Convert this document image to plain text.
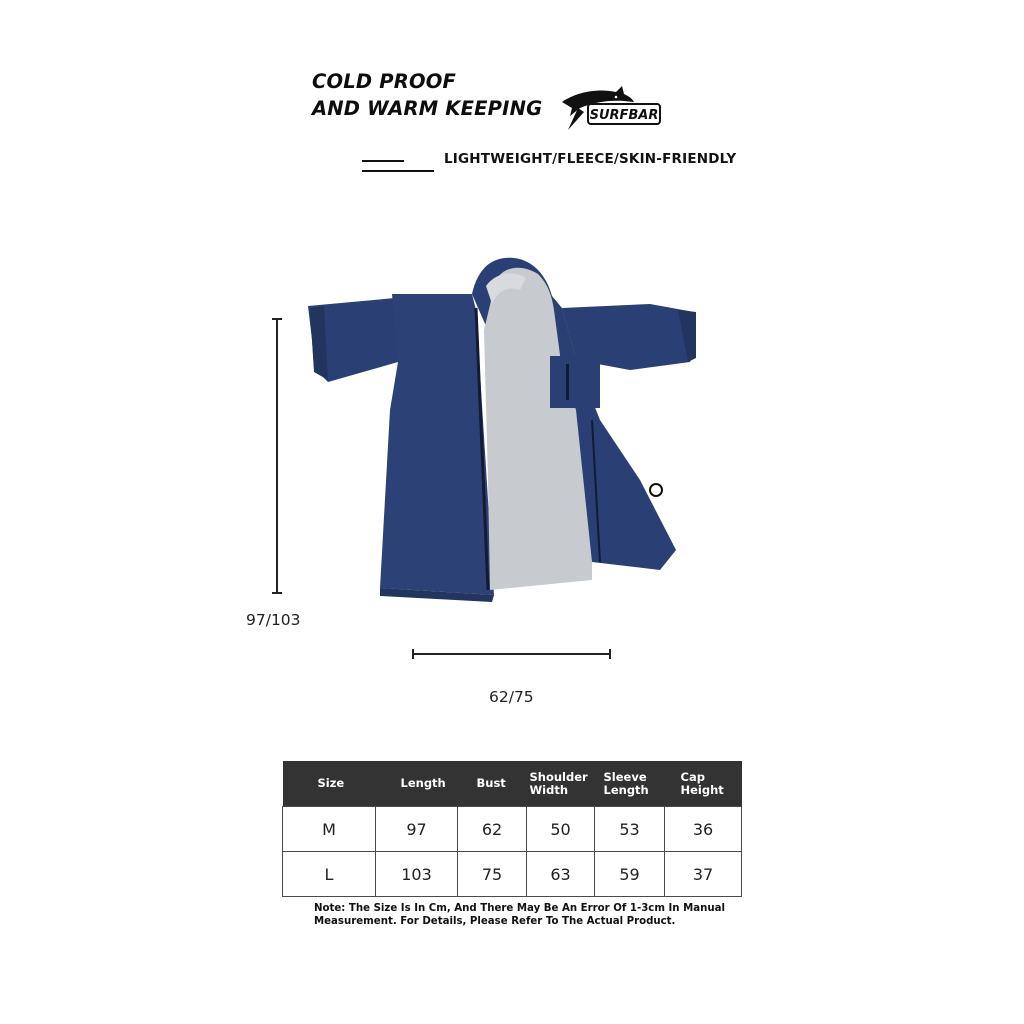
COLD PROOF
AND WARM KEEPING	SURFBAR
LIGHTWEIGHT/FLEECE/SKIN-FRIENDLY
97/103
62/75
Size	Length	Bust	Shoulder Width	Sleeve Length	Cap Height
M	97	62	50	53	36
L	103	75	63	59	37
Note: The Size Is In Cm, And There May Be An Error Of 1-3cm In Manual Measurement. For Details, Please Refer To The Actual Product.
